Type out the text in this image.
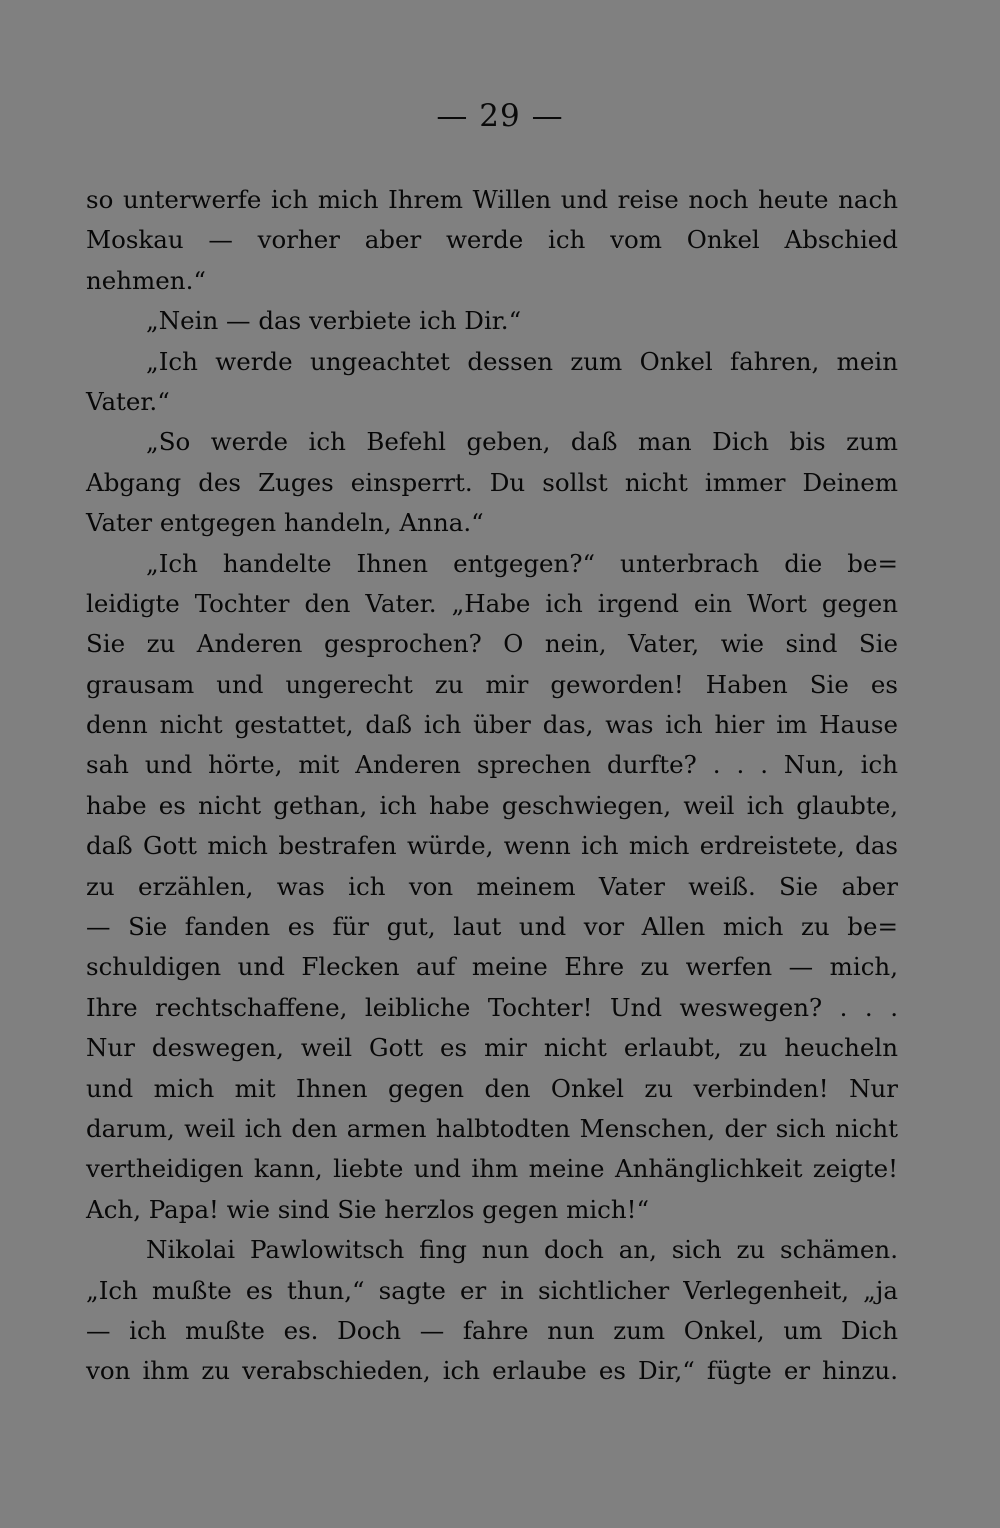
— 29 —
so unterwerfe ich mich Ihrem Willen und reise noch heute nach
Moskau — vorher aber werde ich vom Onkel Abschied
nehmen.“
„Nein — das verbiete ich Dir.“
„Ich werde ungeachtet dessen zum Onkel fahren, mein
Vater.“
„So werde ich Befehl geben, daß man Dich bis zum
Abgang des Zuges einsperrt. Du sollst nicht immer Deinem
Vater entgegen handeln, Anna.“
„Ich handelte Ihnen entgegen?“ unterbrach die be=
leidigte Tochter den Vater. „Habe ich irgend ein Wort gegen
Sie zu Anderen gesprochen? O nein, Vater, wie sind Sie
grausam und ungerecht zu mir geworden! Haben Sie es
denn nicht gestattet, daß ich über das, was ich hier im Hause
sah und hörte, mit Anderen sprechen durfte? . . . Nun, ich
habe es nicht gethan, ich habe geschwiegen, weil ich glaubte,
daß Gott mich bestrafen würde, wenn ich mich erdreistete, das
zu erzählen, was ich von meinem Vater weiß. Sie aber
— Sie fanden es für gut, laut und vor Allen mich zu be=
schuldigen und Flecken auf meine Ehre zu werfen — mich,
Ihre rechtschaffene, leibliche Tochter! Und weswegen? . . .
Nur deswegen, weil Gott es mir nicht erlaubt, zu heucheln
und mich mit Ihnen gegen den Onkel zu verbinden! Nur
darum, weil ich den armen halbtodten Menschen, der sich nicht
vertheidigen kann, liebte und ihm meine Anhänglichkeit zeigte!
Ach, Papa! wie sind Sie herzlos gegen mich!“
Nikolai Pawlowitsch fing nun doch an, sich zu schämen.
„Ich mußte es thun,“ sagte er in sichtlicher Verlegenheit, „ja
— ich mußte es. Doch — fahre nun zum Onkel, um Dich
von ihm zu verabschieden, ich erlaube es Dir,“ fügte er hinzu.
